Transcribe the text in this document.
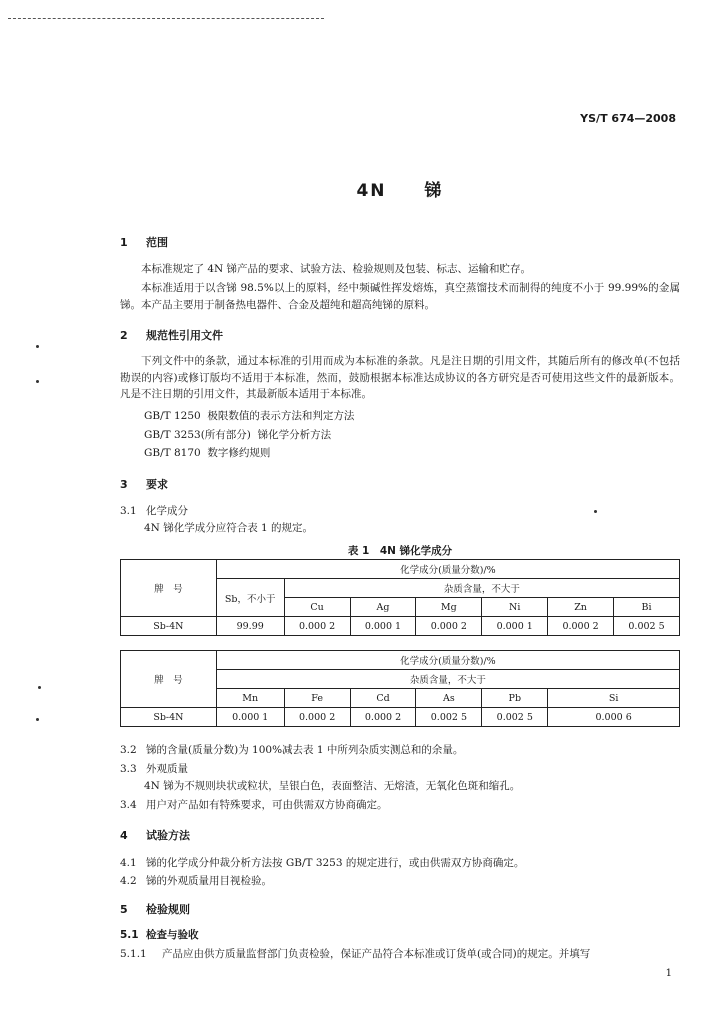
YS/T 674—2008
4N 锑
1 范围
本标准规定了 4N 锑产品的要求、试验方法、检验规则及包装、标志、运输和贮存。
本标准适用于以含锑 98.5%以上的原料，经中频碱性挥发熔炼，真空蒸馏技术而制得的纯度不小于 99.99%的金属锑。本产品主要用于制备热电器件、合金及超纯和超高纯锑的原料。
2 规范性引用文件
下列文件中的条款，通过本标准的引用而成为本标准的条款。凡是注日期的引用文件，其随后所有的修改单(不包括勘误的内容)或修订版均不适用于本标准，然而，鼓励根据本标准达成协议的各方研究是否可使用这些文件的最新版本。凡是不注日期的引用文件，其最新版本适用于本标准。
GB/T 1250 极限数值的表示方法和判定方法
GB/T 3253(所有部分) 锑化学分析方法
GB/T 8170 数字修约规则
3 要求
3.1 化学成分
4N 锑化学成分应符合表 1 的规定。
表 1　4N 锑化学成分
牌　号	化学成分(质量分数)/%						
	Sb，不小于	杂质含量，不大于					
		Cu	Ag	Mg	Ni	Zn	Bi
Sb-4N	99.99	0.000 2	0.000 1	0.000 2	0.000 1	0.000 2	0.002 5
牌　号	化学成分(质量分数)/%					
	杂质含量，不大于					
	Mn	Fe	Cd	As	Pb	Si
Sb-4N	0.000 1	0.000 2	0.000 2	0.002 5	0.002 5	0.000 6
3.2 锑的含量(质量分数)为 100%减去表 1 中所列杂质实测总和的余量。
3.3 外观质量
4N 锑为不规则块状或粒状，呈银白色，表面整洁、无熔渣，无氧化色斑和缩孔。
3.4 用户对产品如有特殊要求，可由供需双方协商确定。
4 试验方法
4.1 锑的化学成分仲裁分析方法按 GB/T 3253 的规定进行，或由供需双方协商确定。
4.2 锑的外观质量用目视检验。
5 检验规则
5.1 检查与验收
5.1.1 产品应由供方质量监督部门负责检验，保证产品符合本标准或订货单(或合同)的规定。并填写
1
